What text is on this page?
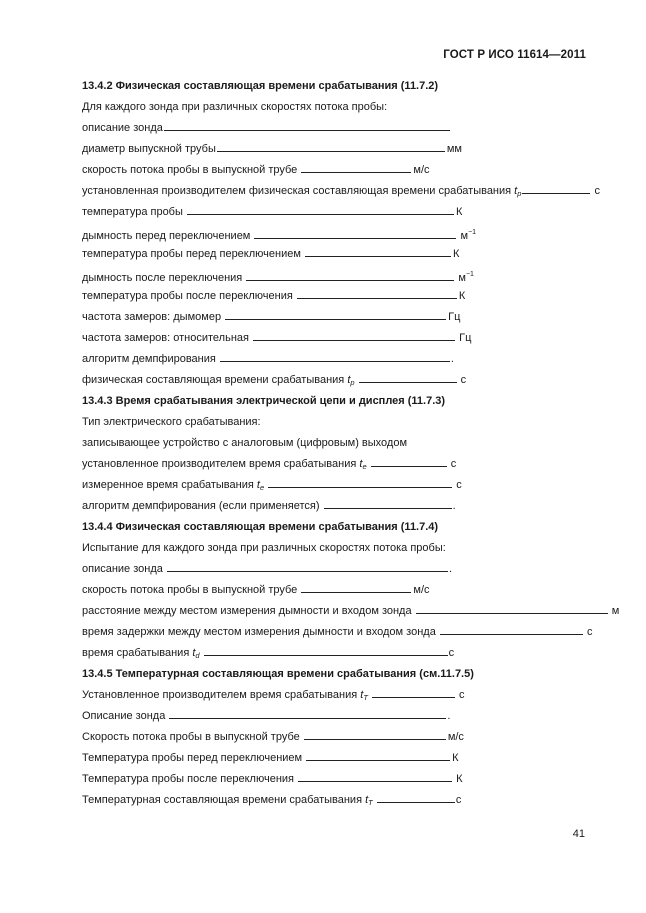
ГОСТ Р ИСО 11614—2011
13.4.2 Физическая составляющая времени срабатывания (11.7.2)
Для каждого зонда при различных скоростях потока пробы:
описание зонда
диаметр выпускной трубы	мм
скорость потока пробы в выпускной трубе	м/с
установленная производителем физическая составляющая времени срабатывания $t_p$	с
температура пробы	К
дымность перед переключением	$м^{-1}$
температура пробы перед переключением	К
дымность после переключения	$м^{-1}$
температура пробы после переключения	К
частота замеров: дымомер	Гц
частота замеров: относительная	Гц
алгоритм демпфирования	.
физическая составляющая времени срабатывания $t_p$	с
13.4.3 Время срабатывания электрической цепи и дисплея (11.7.3)
Тип электрического срабатывания:
записывающее устройство с аналоговым (цифровым) выходом
установленное производителем время срабатывания $t_e$	с
измеренное время срабатывания $t_e$	с
алгоритм демпфирования (если применяется)	.
13.4.4 Физическая составляющая времени срабатывания (11.7.4)
Испытание для каждого зонда при различных скоростях потока пробы:
описание зонда	.
скорость потока пробы в выпускной трубе	м/с
расстояние между местом измерения дымности и входом зонда	м
время задержки между местом измерения дымности и входом зонда	с
время срабатывания $t_d$	с
13.4.5 Температурная составляющая времени срабатывания (см.11.7.5)
Установленное производителем время срабатывания $t_T$	с
Описание зонда	.
Скорость потока пробы в выпускной трубе	м/с
Температура пробы перед переключением	К
Температура пробы после переключения	К
Температурная составляющая времени срабатывания $t_T$	с
41
